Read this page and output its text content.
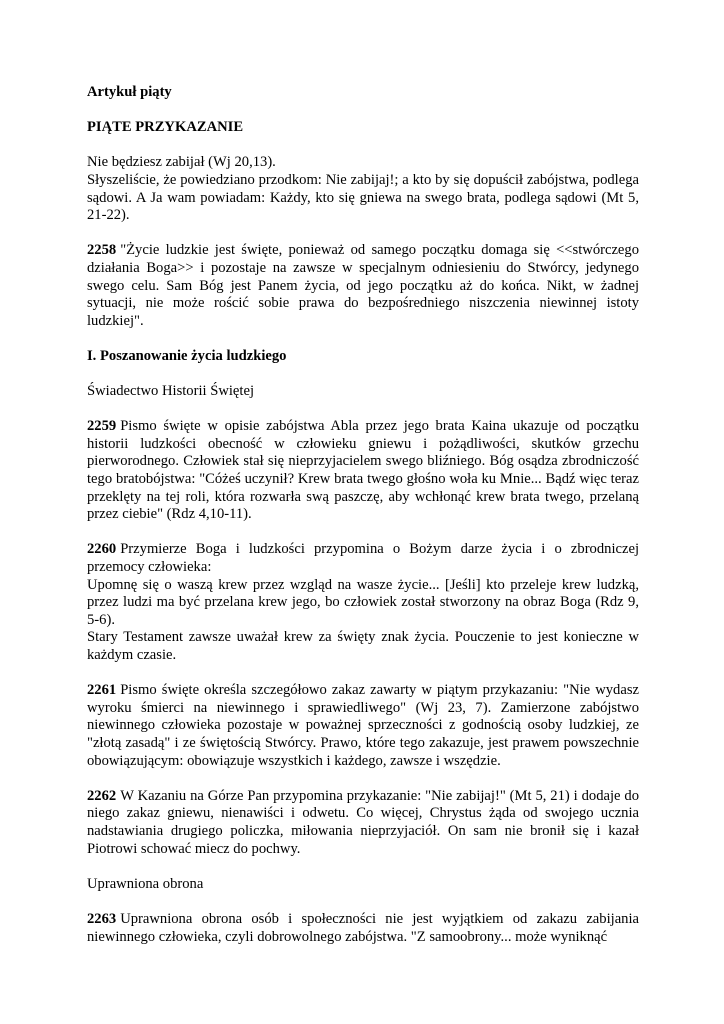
Artykuł piąty

PIĄTE PRZYKAZANIE

Nie będziesz zabijał (Wj 20,13).
Słyszeliście, że powiedziano przodkom: Nie zabijaj!; a kto by się dopuścił zabójstwa, podlega sądowi. A Ja wam powiadam: Każdy, kto się gniewa na swego brata, podlega sądowi (Mt 5, 21-22).

2258 "Życie ludzkie jest święte, ponieważ od samego początku domaga się <<stwórczego działania Boga>> i pozostaje na zawsze w specjalnym odniesieniu do Stwórcy, jedynego swego celu. Sam Bóg jest Panem życia, od jego początku aż do końca. Nikt, w żadnej sytuacji, nie może rościć sobie prawa do bezpośredniego niszczenia niewinnej istoty ludzkiej".

I. Poszanowanie życia ludzkiego

Świadectwo Historii Świętej

2259 Pismo święte w opisie zabójstwa Abla przez jego brata Kaina ukazuje od początku historii ludzkości obecność w człowieku gniewu i pożądliwości, skutków grzechu pierworodnego. Człowiek stał się nieprzyjacielem swego bliźniego. Bóg osądza zbrodniczość tego bratobójstwa: "Cóżeś uczynił? Krew brata twego głośno woła ku Mnie... Bądź więc teraz przeklęty na tej roli, która rozwarła swą paszczę, aby wchłonąć krew brata twego, przelaną przez ciebie" (Rdz 4,10-11).

2260 Przymierze Boga i ludzkości przypomina o Bożym darze życia i o zbrodniczej przemocy człowieka:
Upomnę się o waszą krew przez wzgląd na wasze życie... [Jeśli] kto przeleje krew ludzką, przez ludzi ma być przelana krew jego, bo człowiek został stworzony na obraz Boga (Rdz 9, 5-6).
Stary Testament zawsze uważał krew za święty znak życia. Pouczenie to jest konieczne w każdym czasie.

2261 Pismo święte określa szczegółowo zakaz zawarty w piątym przykazaniu: "Nie wydasz wyroku śmierci na niewinnego i sprawiedliwego" (Wj 23, 7). Zamierzone zabójstwo niewinnego człowieka pozostaje w poważnej sprzeczności z godnością osoby ludzkiej, ze "złotą zasadą" i ze świętością Stwórcy. Prawo, które tego zakazuje, jest prawem powszechnie obowiązującym: obowiązuje wszystkich i każdego, zawsze i wszędzie.

2262 W Kazaniu na Górze Pan przypomina przykazanie: "Nie zabijaj!" (Mt 5, 21) i dodaje do niego zakaz gniewu, nienawiści i odwetu. Co więcej, Chrystus żąda od swojego ucznia nadstawiania drugiego policzka, miłowania nieprzyjaciół. On sam nie bronił się i kazał Piotrowi schować miecz do pochwy.

Uprawniona obrona

2263 Uprawniona obrona osób i społeczności nie jest wyjątkiem od zakazu zabijania niewinnego człowieka, czyli dobrowolnego zabójstwa. "Z samoobrony... może wyniknąć
